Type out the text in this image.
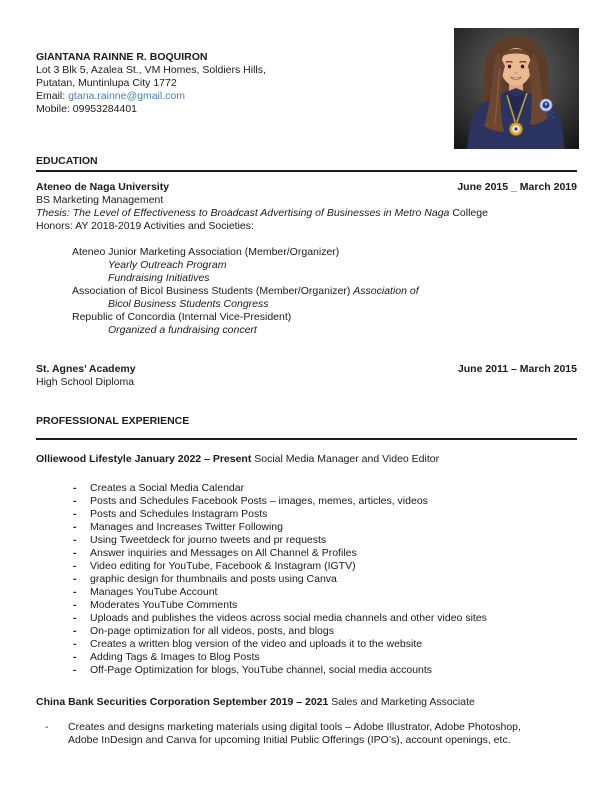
GIANTANA RAINNE R. BOQUIRON
Lot 3 Blk 5, Azalea St., VM Homes, Soldiers Hills,
Putatan, Muntinlupa City 1772
Email: gtana.rainne@gmail.com
Mobile: 09953284401
EDUCATION
Ateneo de Naga University	June 2015 _ March 2019
BS Marketing Management
Thesis: The Level of Effectiveness to Broadcast Advertising of Businesses in Metro Naga College
Honors: AY 2018-2019 Activities and Societies:
Ateneo Junior Marketing Association (Member/Organizer)
Yearly Outreach Program
Fundraising Initiatives
Association of Bicol Business Students (Member/Organizer) Association of
Bicol Business Students Congress
Republic of Concordia (Internal Vice-President)
Organized a fundraising concert
St. Agnes’ Academy	June 2011 – March 2015
High School Diploma
PROFESSIONAL EXPERIENCE
Olliewood Lifestyle January 2022 – Present Social Media Manager and Video Editor
-	Creates a Social Media Calendar
-	Posts and Schedules Facebook Posts – images, memes, articles, videos
-	Posts and Schedules Instagram Posts
-	Manages and Increases Twitter Following
-	Using Tweetdeck for journo tweets and pr requests
-	Answer inquiries and Messages on All Channel & Profiles
-	Video editing for YouTube, Facebook & Instagram (IGTV)
-	graphic design for thumbnails and posts using Canva
-	Manages YouTube Account
-	Moderates YouTube Comments
-	Uploads and publishes the videos across social media channels and other video sites
-	On-page optimization for all videos, posts, and blogs
-	Creates a written blog version of the video and uploads it to the website
-	Adding Tags & Images to Blog Posts
-	Off-Page Optimization for blogs, YouTube channel, social media accounts
China Bank Securities Corporation September 2019 – 2021 Sales and Marketing Associate
-	Creates and designs marketing materials using digital tools – Adobe Illustrator, Adobe Photoshop, Adobe InDesign and Canva for upcoming Initial Public Offerings (IPO’s), account openings, etc.
